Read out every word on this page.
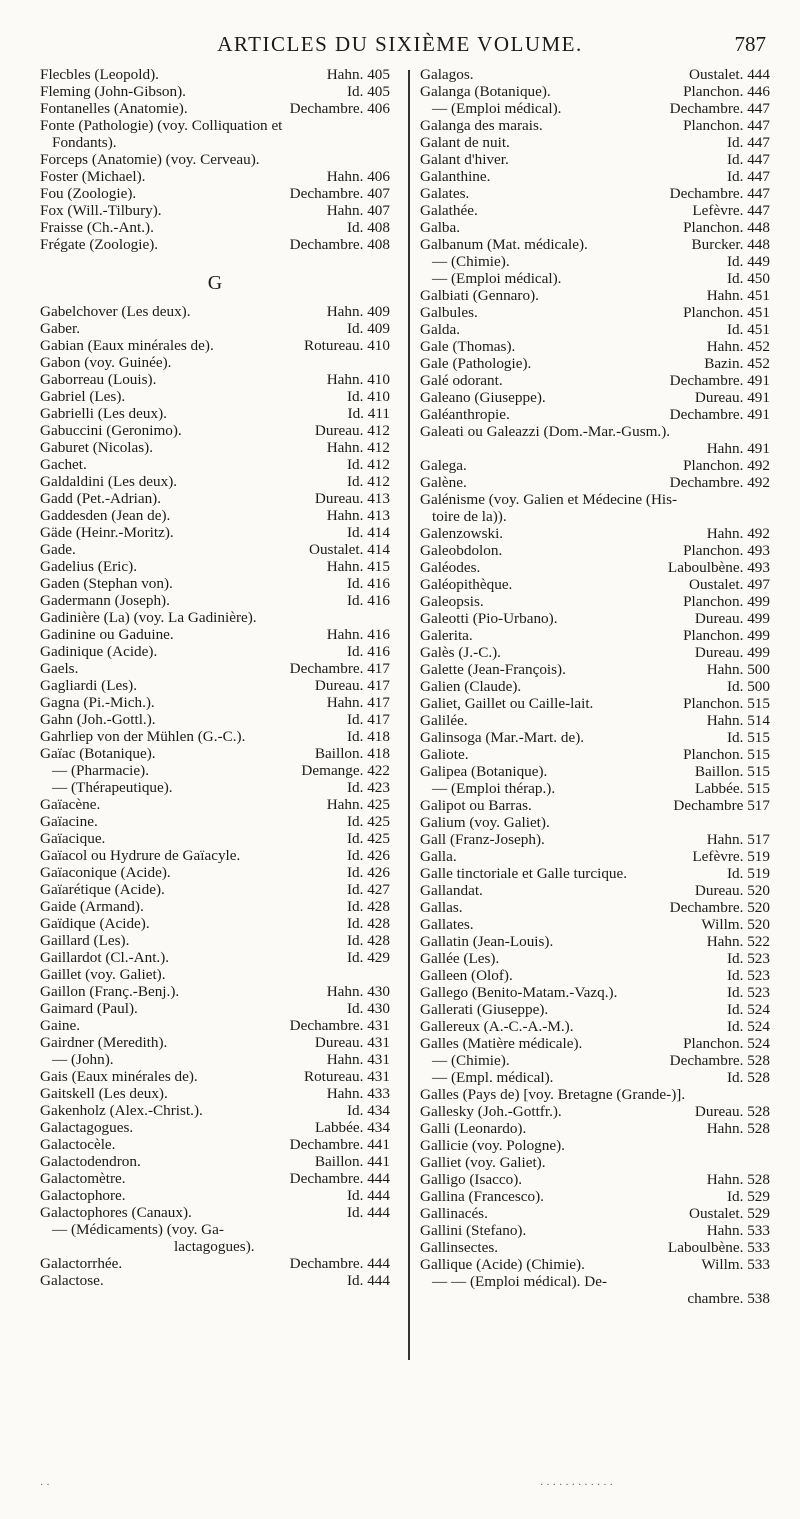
ARTICLES DU SIXIÈME VOLUME.	787
Flecbles (Leopold).	Hahn. 405
Fleming (John-Gibson).	Id. 405
Fontanelles (Anatomie).	Dechambre. 406
Fonte (Pathologie) (voy. Colliquation et
Fondants).
Forceps (Anatomie) (voy. Cerveau).
Foster (Michael).	Hahn. 406
Fou (Zoologie).	Dechambre. 407
Fox (Will.-Tilbury).	Hahn. 407
Fraisse (Ch.-Ant.).	Id. 408
Frégate (Zoologie).	Dechambre. 408
G
Gabelchover (Les deux).	Hahn. 409
Gaber.	Id. 409
Gabian (Eaux minérales de).	Rotureau. 410
Gabon (voy. Guinée).
Gaborreau (Louis).	Hahn. 410
Gabriel (Les).	Id. 410
Gabrielli (Les deux).	Id. 411
Gabuccini (Geronimo).	Dureau. 412
Gaburet (Nicolas).	Hahn. 412
Gachet.	Id. 412
Galdaldini (Les deux).	Id. 412
Gadd (Pet.-Adrian).	Dureau. 413
Gaddesden (Jean de).	Hahn. 413
Gäde (Heinr.-Moritz).	Id. 414
Gade.	Oustalet. 414
Gadelius (Eric).	Hahn. 415
Gaden (Stephan von).	Id. 416
Gadermann (Joseph).	Id. 416
Gadinière (La) (voy. La Gadinière).
Gadinine ou Gaduine.	Hahn. 416
Gadinique (Acide).	Id. 416
Gaels.	Dechambre. 417
Gagliardi (Les).	Dureau. 417
Gagna (Pi.-Mich.).	Hahn. 417
Gahn (Joh.-Gottl.).	Id. 417
Gahrliep von der Mühlen (G.-C.).	Id. 418
Gaïac (Botanique).	Baillon. 418
— (Pharmacie).	Demange. 422
— (Thérapeutique).	Id. 423
Gaïacène.	Hahn. 425
Gaïacine.	Id. 425
Gaïacique.	Id. 425
Gaïacol ou Hydrure de Gaïacyle.	Id. 426
Gaïaconique (Acide).	Id. 426
Gaïarétique (Acide).	Id. 427
Gaide (Armand).	Id. 428
Gaïdique (Acide).	Id. 428
Gaillard (Les).	Id. 428
Gaillardot (Cl.-Ant.).	Id. 429
Gaillet (voy. Galiet).
Gaillon (Franç.-Benj.).	Hahn. 430
Gaimard (Paul).	Id. 430
Gaine.	Dechambre. 431
Gairdner (Meredith).	Dureau. 431
— (John).	Hahn. 431
Gais (Eaux minérales de).	Rotureau. 431
Gaitskell (Les deux).	Hahn. 433
Gakenholz (Alex.-Christ.).	Id. 434
Galactagogues.	Labbée. 434
Galactocèle.	Dechambre. 441
Galactodendron.	Baillon. 441
Galactomètre.	Dechambre. 444
Galactophore.	Id. 444
Galactophores (Canaux).	Id. 444
— (Médicaments) (voy. Ga-
lactagogues).
Galactorrhée.	Dechambre. 444
Galactose.	Id. 444
Galagos.	Oustalet. 444
Galanga (Botanique).	Planchon. 446
— (Emploi médical).	Dechambre. 447
Galanga des marais.	Planchon. 447
Galant de nuit.	Id. 447
Galant d'hiver.	Id. 447
Galanthine.	Id. 447
Galates.	Dechambre. 447
Galathée.	Lefèvre. 447
Galba.	Planchon. 448
Galbanum (Mat. médicale).	Burcker. 448
— (Chimie).	Id. 449
— (Emploi médical).	Id. 450
Galbiati (Gennaro).	Hahn. 451
Galbules.	Planchon. 451
Galda.	Id. 451
Gale (Thomas).	Hahn. 452
Gale (Pathologie).	Bazin. 452
Galé odorant.	Dechambre. 491
Galeano (Giuseppe).	Dureau. 491
Galéanthropie.	Dechambre. 491
Galeati ou Galeazzi (Dom.-Mar.-Gusm.).
Hahn. 491
Galega.	Planchon. 492
Galène.	Dechambre. 492
Galénisme (voy. Galien et Médecine (His-
toire de la)).
Galenzowski.	Hahn. 492
Galeobdolon.	Planchon. 493
Galéodes.	Laboulbène. 493
Galéopithèque.	Oustalet. 497
Galeopsis.	Planchon. 499
Galeotti (Pio-Urbano).	Dureau. 499
Galerita.	Planchon. 499
Galès (J.-C.).	Dureau. 499
Galette (Jean-François).	Hahn. 500
Galien (Claude).	Id. 500
Galiet, Gaillet ou Caille-lait.	Planchon. 515
Galilée.	Hahn. 514
Galinsoga (Mar.-Mart. de).	Id. 515
Galiote.	Planchon. 515
Galipea (Botanique).	Baillon. 515
— (Emploi thérap.).	Labbée. 515
Galipot ou Barras.	Dechambre 517
Galium (voy. Galiet).
Gall (Franz-Joseph).	Hahn. 517
Galla.	Lefèvre. 519
Galle tinctoriale et Galle turcique.	Id. 519
Gallandat.	Dureau. 520
Gallas.	Dechambre. 520
Gallates.	Willm. 520
Gallatin (Jean-Louis).	Hahn. 522
Gallée (Les).	Id. 523
Galleen (Olof).	Id. 523
Gallego (Benito-Matam.-Vazq.).	Id. 523
Gallerati (Giuseppe).	Id. 524
Gallereux (A.-C.-A.-M.).	Id. 524
Galles (Matière médicale).	Planchon. 524
— (Chimie).	Dechambre. 528
— (Empl. médical).	Id. 528
Galles (Pays de) [voy. Bretagne (Grande-)].
Gallesky (Joh.-Gottfr.).	Dureau. 528
Galli (Leonardo).	Hahn. 528
Gallicie (voy. Pologne).
Galliet (voy. Galiet).
Galligo (Isacco).	Hahn. 528
Gallina (Francesco).	Id. 529
Gallinacés.	Oustalet. 529
Gallini (Stefano).	Hahn. 533
Gallinsectes.	Laboulbène. 533
Gallique (Acide) (Chimie).	Willm. 533
— — (Emploi médical). De-
chambre. 538
··	············
